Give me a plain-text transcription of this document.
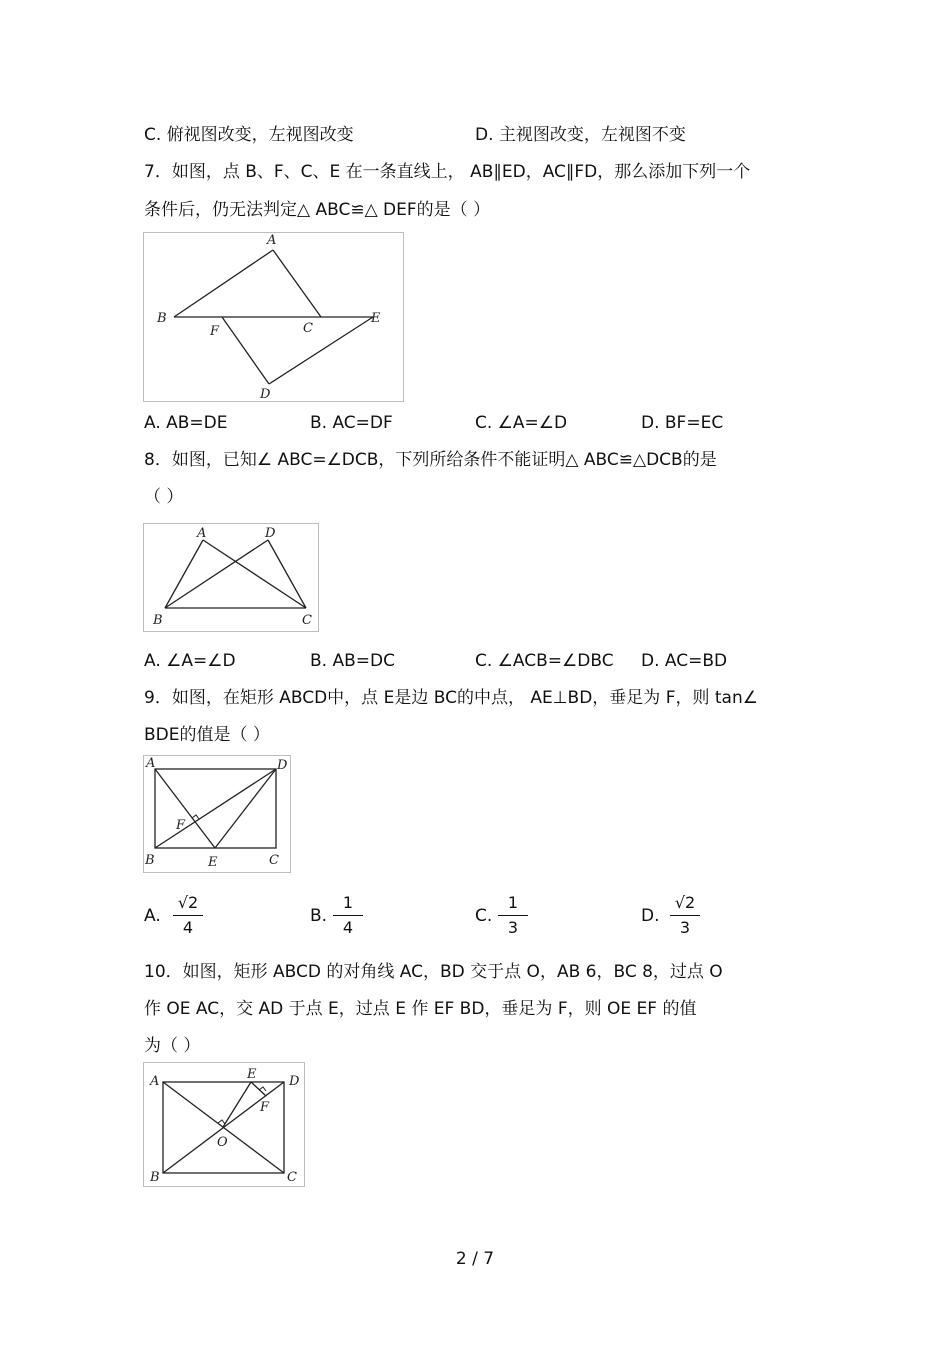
C. 俯视图改变，左视图改变	D. 主视图改变，左视图不变
7．如图，点 B、F、C、E 在一条直线上， AB∥ED，AC∥FD，那么添加下列一个
条件后，仍无法判定△ ABC≌△ DEF的是（ ）
A
B
C
D
E
F
A. AB=DE	B. AC=DF	C. ∠A=∠D	D. BF=EC
8．如图，已知∠ ABC=∠DCB，下列所给条件不能证明△ ABC≌△DCB的是
（ ）
A	D
B	C
A. ∠A=∠D	B. AB=DC	C. ∠ACB=∠DBC D. AC=BD
9．如图，在矩形 ABCD中，点 E是边 BC的中点， AE⊥BD，垂足为 F，则 tan∠
BDE的值是（ ）
A	D
F
B	E	C
A.
√2
4
B.
1
4
C.
1
3
D.
√2
3
10．如图，矩形 ABCD 的对角线 AC，BD 交于点 O，AB 6，BC 8，过点 O
作 OE AC，交 AD 于点 E，过点 E 作 EF BD，垂足为 F，则 OE EF 的值
为（ ）
A	E	D
F
O
B	C
2 / 7
